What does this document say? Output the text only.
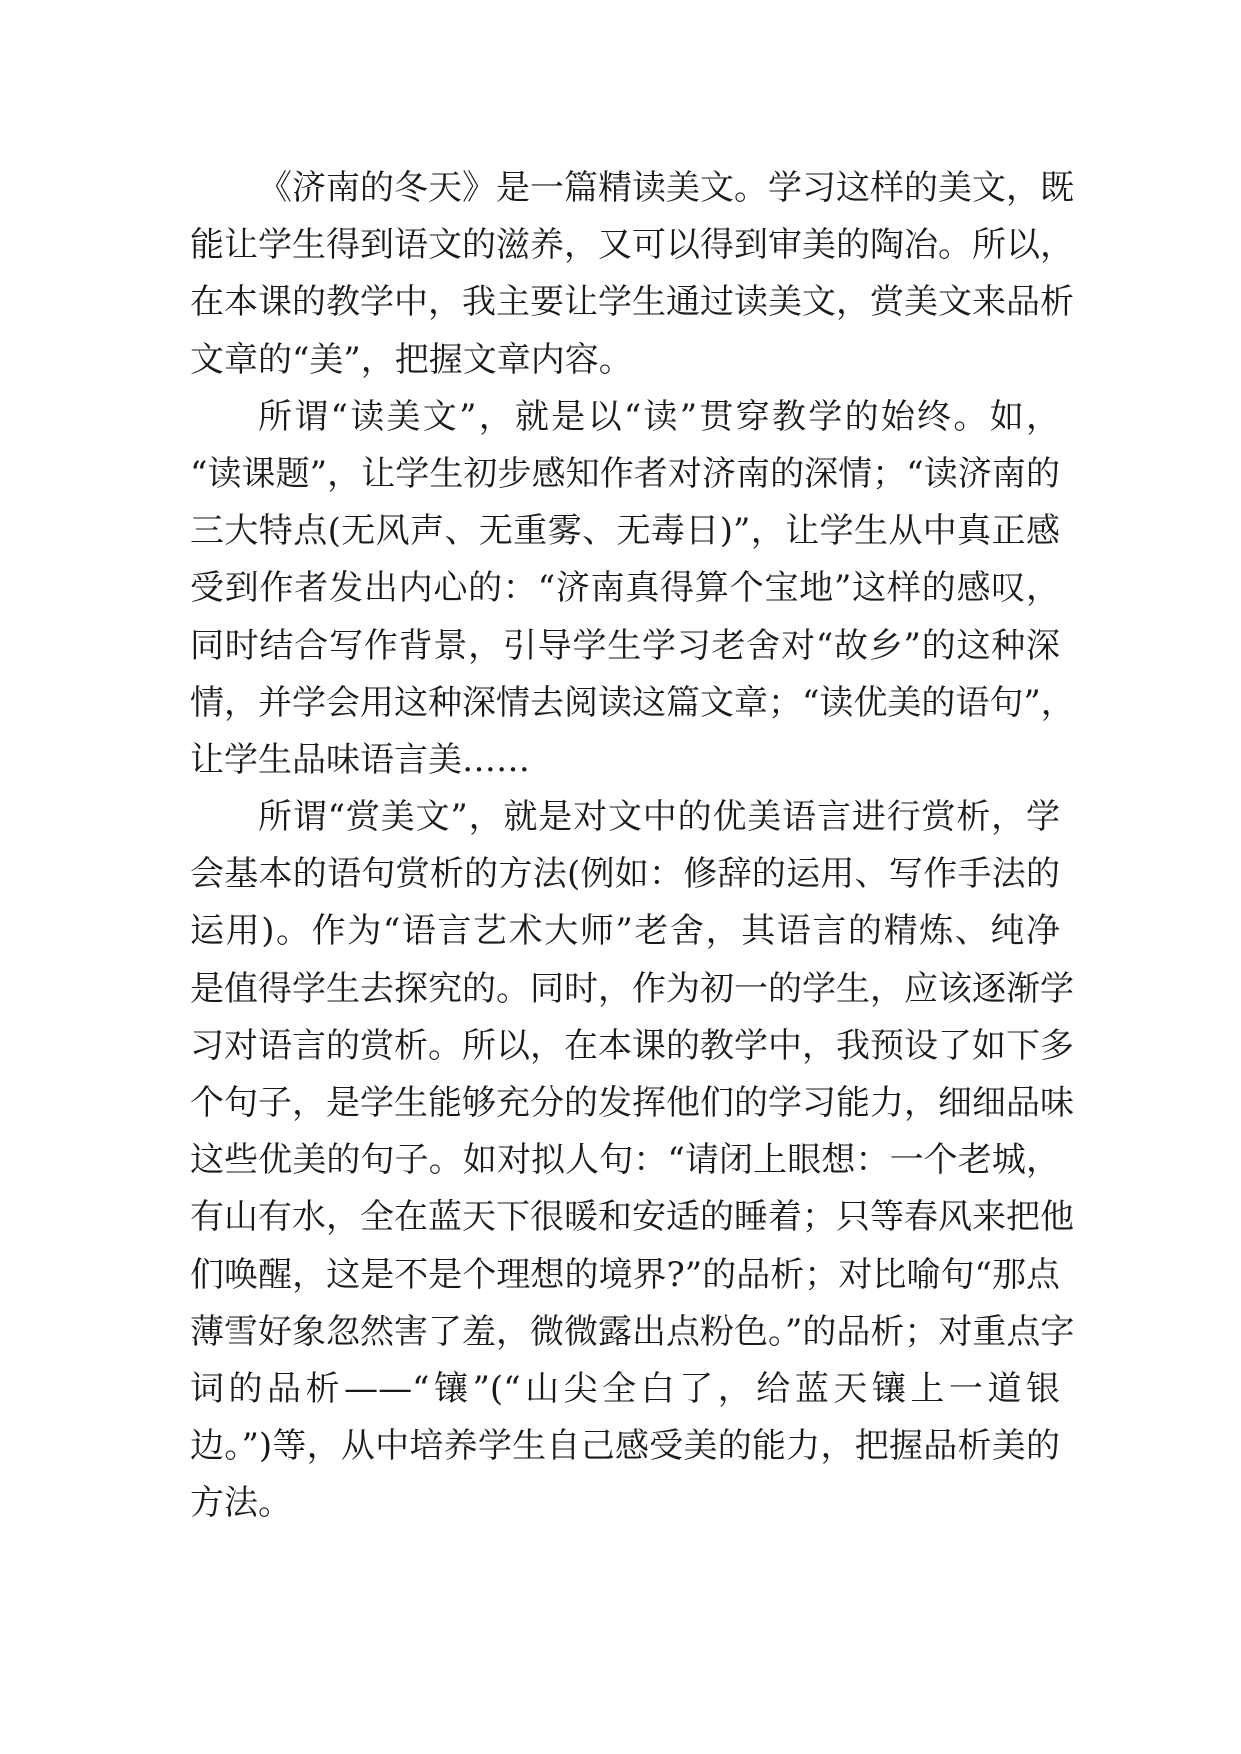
《济南的冬天》是一篇精读美文。学习这样的美文，既
能让学生得到语文的滋养，又可以得到审美的陶冶。所以，
在本课的教学中，我主要让学生通过读美文，赏美文来品析
文章的“美”，把握文章内容。
所谓“读美文”，就是以“读”贯穿教学的始终。如，
“读课题”，让学生初步感知作者对济南的深情；“读济南的
三大特点(无风声、无重雾、无毒日)”，让学生从中真正感
受到作者发出内心的：“济南真得算个宝地”这样的感叹，
同时结合写作背景，引导学生学习老舍对“故乡”的这种深
情，并学会用这种深情去阅读这篇文章；“读优美的语句”，
让学生品味语言美……
所谓“赏美文”，就是对文中的优美语言进行赏析，学
会基本的语句赏析的方法(例如：修辞的运用、写作手法的
运用)。作为“语言艺术大师”老舍，其语言的精炼、纯净
是值得学生去探究的。同时，作为初一的学生，应该逐渐学
习对语言的赏析。所以，在本课的教学中，我预设了如下多
个句子，是学生能够充分的发挥他们的学习能力，细细品味
这些优美的句子。如对拟人句：“请闭上眼想：一个老城，
有山有水，全在蓝天下很暖和安适的睡着；只等春风来把他
们唤醒，这是不是个理想的境界?”的品析；对比喻句“那点
薄雪好象忽然害了羞，微微露出点粉色。”的品析；对重点字
词的品析——“镶”(“山尖全白了，给蓝天镶上一道银
边。”)等，从中培养学生自己感受美的能力，把握品析美的
方法。
